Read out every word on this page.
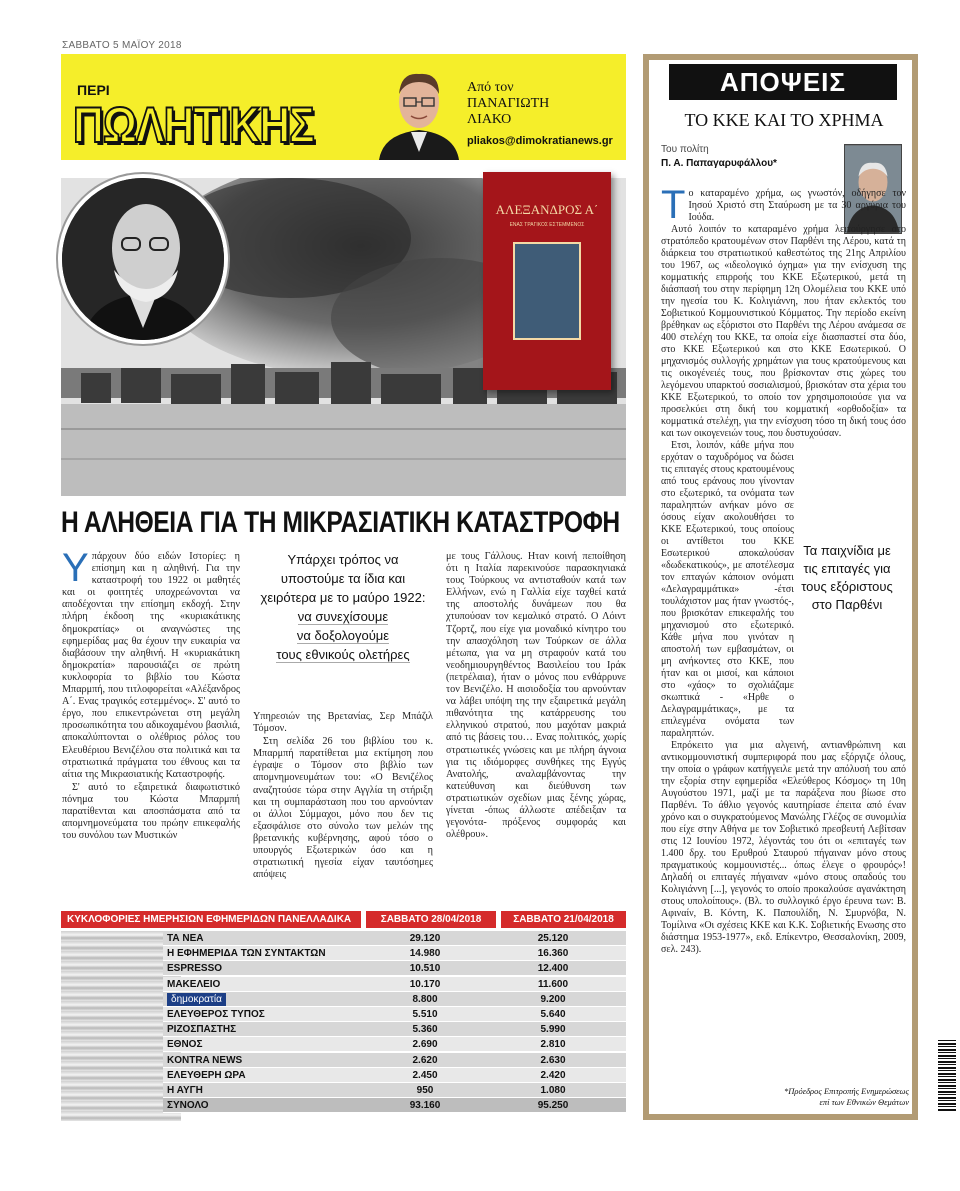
ΣΑΒΒΑΤΟ 5 ΜΑΪΟΥ 2018
ΠΕΡΙ
ΠΩΛΗΤΙΚΗΣ
Από τον
ΠΑΝΑΓΙΩΤΗ
ΛΙΑΚΟ
pliakos@dimokratianews.gr
ΑΛΕΞΑΝΔΡΟΣ Α΄
ΕΝΑΣ ΤΡΑΓΙΚΟΣ ΕΣΤΕΜΜΕΝΟΣ
Η ΑΛΗΘΕΙΑ ΓΙΑ ΤΗ ΜΙΚΡΑΣΙΑΤΙΚΗ ΚΑΤΑΣΤΡΟΦΗ
Υ πάρχουν δύο ειδών Ιστορίες: η επίσημη και η αληθινή. Για την καταστροφή του 1922 οι μαθητές και οι φοιτητές υποχρεώνονται να αποδέχονται την επίσημη εκδοχή. Στην πλήρη έκδοση της «κυριακάτικης δημοκρατίας» οι αναγνώστες της εφημερίδας μας θα έχουν την ευκαιρία να διαβάσουν την αληθινή. Η «κυριακάτικη δημοκρατία» παρουσιάζει σε πρώτη κυκλοφορία το βιβλίο του Κώστα Μπαρμπή, που τιτλοφορείται «Αλέξανδρος Α΄. Ενας τραγικός εστεμμένος». Σ' αυτό το έργο, που επικεντρώνεται στη μεγάλη προσωπικότητα του αδικοχαμένου βασιλιά, αποκαλύπτονται ο ολέθριος ρόλος του Ελευθέριου Βενιζέλου στα πολιτικά και τα στρατιωτικά πράγματα του έθνους και τα αίτια της Μικρασιατικής Καταστροφής.

Σ' αυτό το εξαιρετικά διαφωτιστικό πόνημα του Κώστα Μπαρμπή παρατίθενται και αποσπάσματα από τα απομνημονεύματα του πρώην επικεφαλής του συνόλου των Μυστικών

Υπάρχει τρόπος να
υποστούμε τα ίδια και
χειρότερα με το μαύρο 1922:
να συνεχίσουμε
να δοξολογούμε
τους εθνικούς ολετήρες

Υπηρεσιών της Βρετανίας, Σερ Μπάζιλ Τόμσον.

Στη σελίδα 26 του βιβλίου του κ. Μπαρμπή παρατίθεται μια εκτίμηση που έγραψε ο Τόμσον στο βιβλίο των απομνημονευμάτων του: «Ο Βενιζέλος αναζητούσε τώρα στην Αγγλία τη στήριξη και τη συμπαράσταση που του αρνούνταν οι άλλοι Σύμμαχοι, μόνο που δεν τις εξασφάλισε στο σύνολο των μελών της βρετανικής κυβέρνησης, αφού τόσο ο υπουργός Εξωτερικών όσο και η στρατιωτική ηγεσία είχαν ταυτόσημες απόψεις

με τους Γάλλους. Ηταν κοινή πεποίθηση ότι η Ιταλία παρεκινούσε παρασκηνιακά τους Τούρκους να αντισταθούν κατά των Ελλήνων, ενώ η Γαλλία είχε ταχθεί κατά της αποστολής δυνάμεων που θα χτυπούσαν τον κεμαλικό στρατό. Ο Λόιντ Τζορτζ, που είχε για μοναδικό κίνητρο του την απασχόληση των Τούρκων σε άλλα μέτωπα, για να μη στραφούν κατά του νεοδημιουργηθέντος Βασιλείου του Ιράκ (πετρέλαια), ήταν ο μόνος που ενθάρρυνε τον Βενιζέλο. Η αισιοδοξία του αρνούνταν να λάβει υπόψη της την εξαιρετικά μεγάλη πιθανότητα της κατάρρευσης του ελληνικού στρατού, που μαχόταν μακριά από τις βάσεις του… Ενας πολιτικός, χωρίς στρατιωτικές γνώσεις και με πλήρη άγνοια για τις ιδιόμορφες συνθήκες της Εγγύς Ανατολής, αναλαμβάνοντας την κατεύθυνση και διεύθυνση των στρατιωτικών σχεδίων μιας ξένης χώρας, γίνεται -όπως άλλωστε απέδειξαν τα γεγονότα- πρόξενος συμφοράς και ολέθρου».

ΚΥΚΛΟΦΟΡΙΕΣ ΗΜΕΡΗΣΙΩΝ ΕΦΗΜΕΡΙΔΩΝ ΠΑΝΕΛΛΑΔΙΚΑ	ΣΑΒΒΑΤΟ 28/04/2018	ΣΑΒΒΑΤΟ 21/04/2018
ΤΑ ΝΕΑ	29.120	25.120
Η ΕΦΗΜΕΡΙΔΑ ΤΩΝ ΣΥΝΤΑΚΤΩΝ	14.980	16.360
ESPRESSO	10.510	12.400
ΜΑΚΕΛΕΙΟ	10.170	11.600
δημοκρατία	8.800	9.200
ΕΛΕΥΘΕΡΟΣ ΤΥΠΟΣ	5.510	5.640
ΡΙΖΟΣΠΑΣΤΗΣ	5.360	5.990
ΕΘΝΟΣ	2.690	2.810
KONTRA NEWS	2.620	2.630
ΕΛΕΥΘΕΡΗ ΩΡΑ	2.450	2.420
Η ΑΥΓΗ	950	1.080
ΣΥΝΟΛΟ	93.160	95.250
ΑΠΟΨΕΙΣ
ΤΟ ΚΚΕ ΚΑΙ ΤΟ ΧΡΗΜΑ
Του πολίτη
Π. Α. Παπαγαρυφάλλου*
Τ ο καταραμένο χρήμα, ως γνωστόν, οδήγησε τον Ιησού Χριστό στη Σταύρωση με τα 30 αργύρια του Ιούδα.

Αυτό λοιπόν το καταραμένο χρήμα λειτούργησε στο στρατόπεδο κρατουμένων στον Παρθένι της Λέρου, κατά τη διάρκεια του στρατιωτικού καθεστώτος της 21ης Απριλίου του 1967, ως «ιδεολογικό όχημα» για την ενίσχυση της κομματικής επιρροής του ΚΚΕ Εξωτερικού, μετά τη διάσπασή του στην περίφημη 12η Ολομέλεια του ΚΚΕ υπό την ηγεσία του Κ. Κολιγιάννη, που ήταν εκλεκτός του Σοβιετικού Κομμουνιστικού Κόμματος. Την περίοδο εκείνη βρέθηκαν ως εξόριστοι στο Παρθένι της Λέρου ανάμεσα σε 400 στελέχη του ΚΚΕ, τα οποία είχε διασπαστεί στα δύο, στο ΚΚΕ Εξωτερικού και στο ΚΚΕ Εσωτερικού. Ο μηχανισμός συλλογής χρημάτων για τους κρατούμενους και τις οικογένειές τους, που βρίσκονταν στις χώρες του λεγόμενου υπαρκτού σοσιαλισμού, βρισκόταν στα χέρια του ΚΚΕ Εξωτερικού, το οποίο τον χρησιμοποιούσε για να προσελκύει στη δική του κομματική «ορθοδοξία» τα κομματικά στελέχη, για την ενίσχυση τόσο τη δική τους όσο και των οικογενειών τους, που δυστυχούσαν.

Ετσι, λοιπόν, κάθε μήνα που ερχόταν ο ταχυδρόμος να δώσει τις επιταγές στους κρατουμένους από τους εράνους που γίνονταν στο εξωτερικό, τα ονόματα των παραληπτών ανήκαν μόνο σε όσους είχαν ακολουθήσει το ΚΚΕ Εξωτερικού, τους οποίους οι αντίθετοι του ΚΚΕ Εσωτερικού αποκαλούσαν «δωδεκατικούς», με αποτέλεσμα τον επταγών κάποιον ονόματι «Δελαγραμμάτικα» -έτσι τουλάχιστον μας ήταν γνωστός-, που βρισκόταν επικεφαλής του μηχανισμού στο εξωτερικό. Κάθε μήνα που γινόταν η αποστολή των εμβασμάτων, οι μη ανήκοντες στο ΚΚΕ, που ήταν και οι μισοί, και κάποιοι στο «χάος» το σχολιάζαμε σκωπτικά - «Ηρθε ο Δελαγραμμάτικας», με τα επιλεγμένα ονόματα των παραληπτών.

Επρόκειτο για μια αλγεινή, αντιανθρώπινη και αντικομμουνιστική συμπεριφορά που μας εξόργιζε όλους, την οποία ο γράφων κατήγγειλε μετά την απόλυσή του από την εξορία στην εφημερίδα «Ελεύθερος Κόσμος» τη 10η Αυγούστου 1971, μαζί με τα παράξενα που βίωσε στο Παρθένι. Το άθλιο γεγονός καυτηρίασε έπειτα από έναν χρόνο και ο συγκρατούμενος Μανώλης Γλέζος σε συνομιλία που είχε στην Αθήνα με τον Σοβιετικό πρεσβευτή Λεβίτσαν στις 12 Ιουνίου 1972, λέγοντάς του ότι οι «επιταγές των 1.400 δρχ. του Ερυθρού Σταυρού πήγαιναν μόνο στους πραγματικούς κομμουνιστές... όπως έλεγε ο φρουρός»! Δηλαδή οι επιταγές πήγαιναν «μόνο στους οπαδούς του Κολιγιάννη [...], γεγονός το οποίο προκαλούσε αγανάκτηση στους υπολοίπους». (Βλ. το συλλογικό έργο έρευνα των: Β. Αφιναίν, Β. Κόντη, Κ. Παπουλίδη, Ν. Σμυρνόβα, Ν. Τομίλινα «Οι σχέσεις ΚΚΕ και Κ.Κ. Σοβιετικής Ενωσης στο διάστημα 1953-1977», εκδ. Επίκεντρο, Θεσσαλονίκη, 2009, σελ. 243).

*Πρόεδρος Επιτροπής Ενημερώσεως
επί των Εθνικών Θεμάτων
Τα παιχνίδια με
τις επιταγές για
τους εξόριστους
στο Παρθένι
